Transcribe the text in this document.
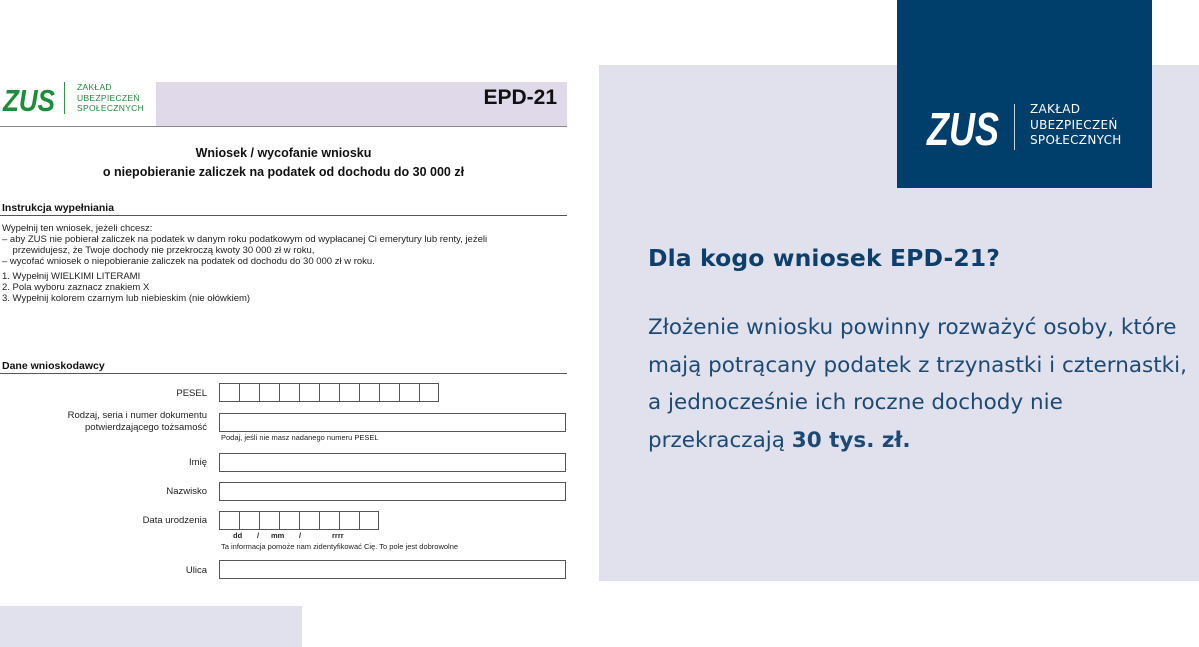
ZUS	ZAKŁAD
UBEZPIECZEŃ
SPOŁECZNYCH	EPD-21
Wniosek / wycofanie wniosku
o niepobieranie zaliczek na podatek od dochodu do 30 000 zł
Instrukcja wypełniania
Wypełnij ten wniosek, jeżeli chcesz:
– aby ZUS nie pobierał zaliczek na podatek w danym roku podatkowym od wypłacanej Ci emerytury lub renty, jeżeli
przewidujesz, że Twoje dochody nie przekroczą kwoty 30 000 zł w roku,
– wycofać wniosek o niepobieranie zaliczek na podatek od dochodu do 30 000 zł w roku.
1. Wypełnij WIELKIMI LITERAMI
2. Pola wyboru zaznacz znakiem X
3. Wypełnij kolorem czarnym lub niebieskim (nie ołówkiem)
Dane wnioskodawcy
PESEL
Rodzaj, seria i numer dokumentu
potwierdzającego tożsamość
Podaj, jeśli nie masz nadanego numeru PESEL
Imię
Nazwisko
Data urodzenia
dd / mm /	rrrr
Ta informacja pomoże nam zidentyfikować Cię. To pole jest dobrowolne
Ulica
ZUS	ZAKŁAD
UBEZPIECZEŃ
SPOŁECZNYCH
Dla kogo wniosek EPD-21?

Złożenie wniosku powinny rozważyć osoby, które mają potrącany podatek z trzynastki i czternastki, a jednocześnie ich roczne dochody nie przekraczają 30 tys. zł.
